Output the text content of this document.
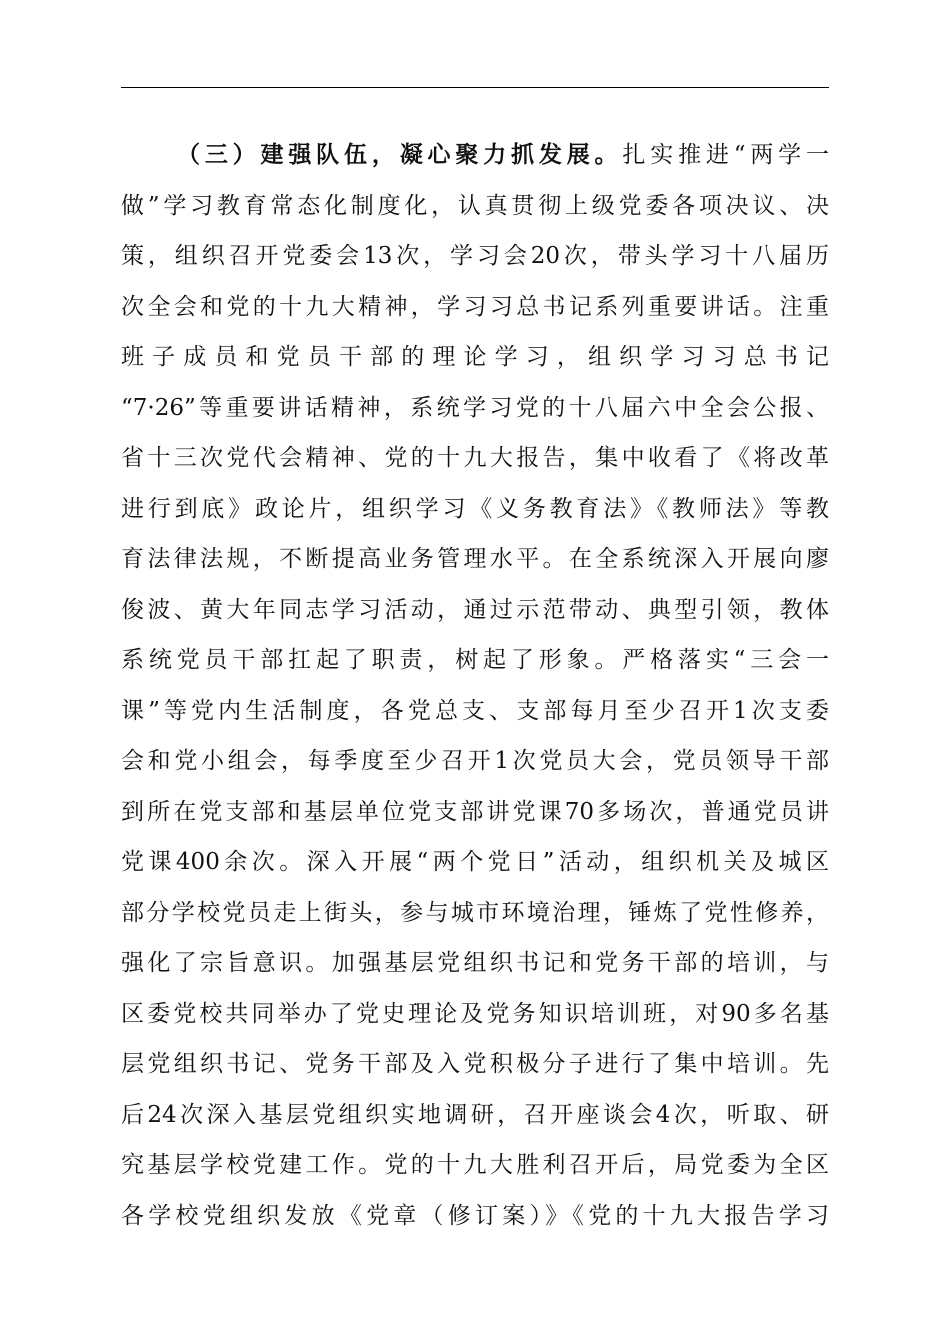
（三）建强队伍，凝心聚力抓发展。扎实推进“两学一
做”学习教育常态化制度化，认真贯彻上级党委各项决议、决
策，组织召开党委会13次，学习会20次，带头学习十八届历
次全会和党的十九大精神，学习习总书记系列重要讲话。注重
班子成员和党员干部的理论学习，组织学习习总书记
“7·26”等重要讲话精神，系统学习党的十八届六中全会公报、
省十三次党代会精神、党的十九大报告，集中收看了《将改革
进行到底》政论片，组织学习《义务教育法》《教师法》等教
育法律法规，不断提高业务管理水平。在全系统深入开展向廖
俊波、黄大年同志学习活动，通过示范带动、典型引领，教体
系统党员干部扛起了职责，树起了形象。严格落实“三会一
课”等党内生活制度，各党总支、支部每月至少召开1次支委
会和党小组会，每季度至少召开1次党员大会，党员领导干部
到所在党支部和基层单位党支部讲党课70多场次，普通党员讲
党课400余次。深入开展“两个党日”活动，组织机关及城区
部分学校党员走上街头，参与城市环境治理，锤炼了党性修养，
强化了宗旨意识。加强基层党组织书记和党务干部的培训，与
区委党校共同举办了党史理论及党务知识培训班，对90多名基
层党组织书记、党务干部及入党积极分子进行了集中培训。先
后24次深入基层党组织实地调研，召开座谈会4次，听取、研
究基层学校党建工作。党的十九大胜利召开后，局党委为全区
各学校党组织发放《党章（修订案）》《党的十九大报告学习
